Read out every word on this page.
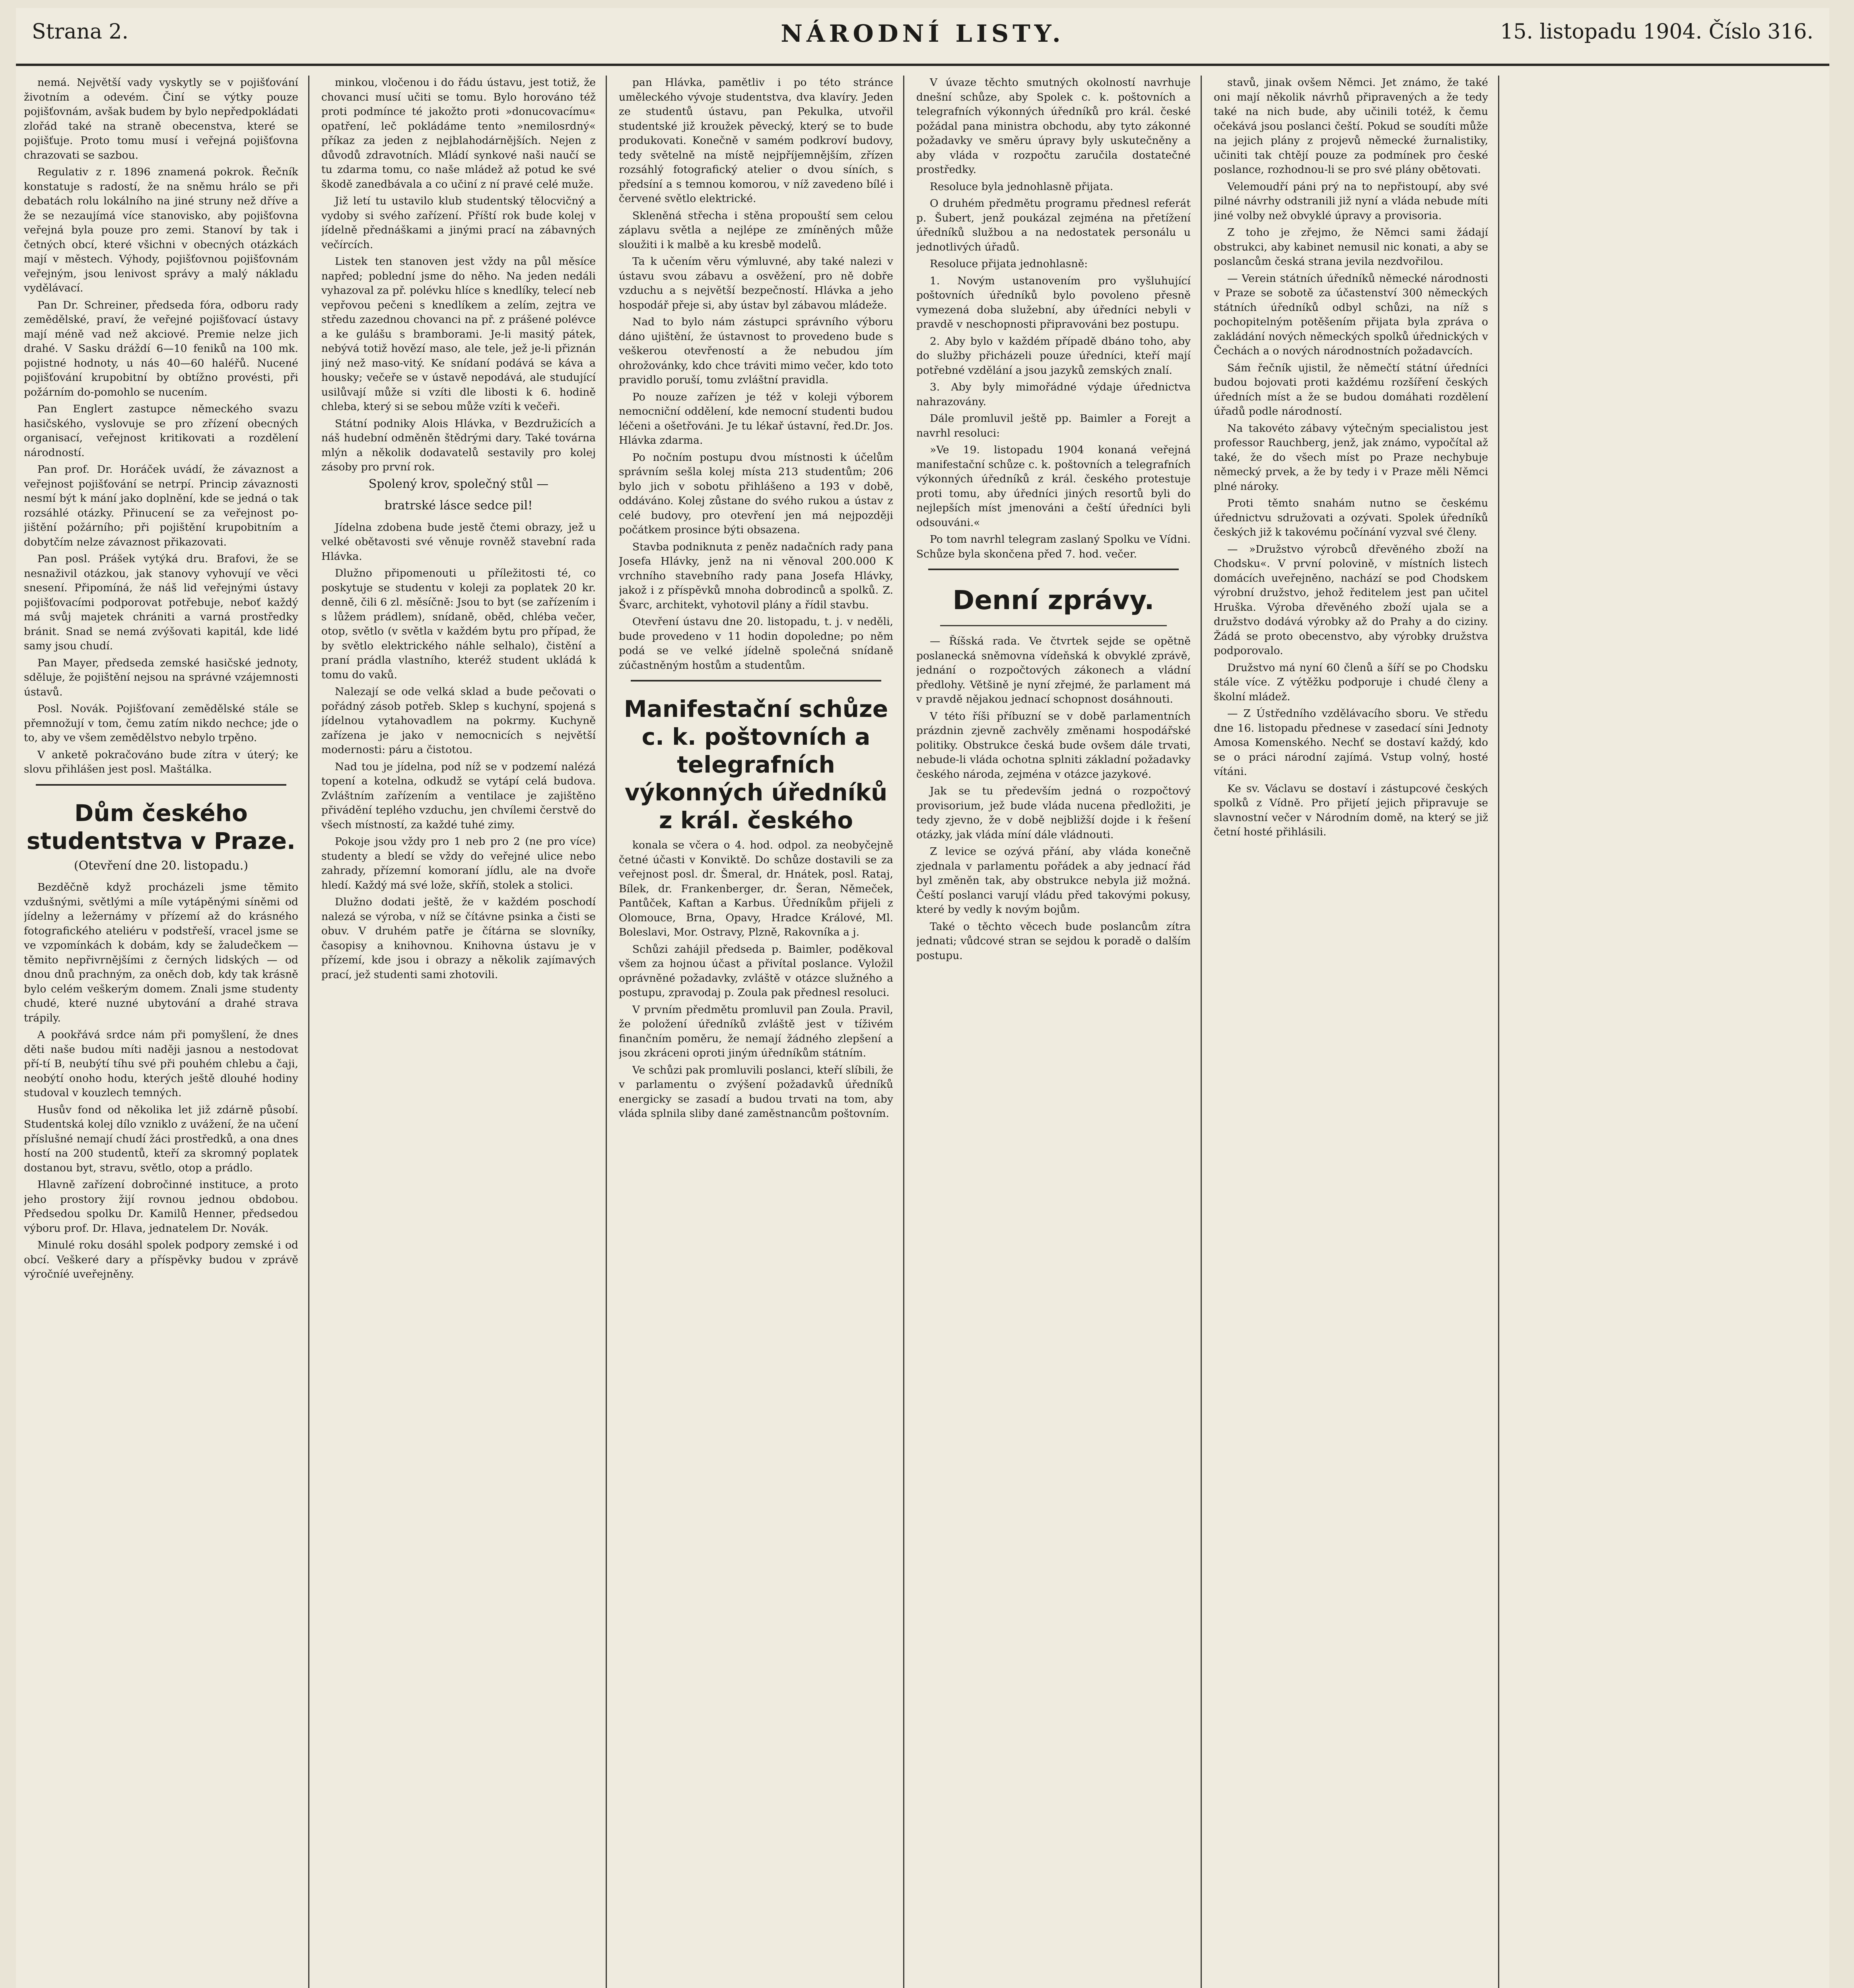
Strana 2.	NÁRODNÍ LISTY.	15. listopadu 1904. Číslo 316.

nemá. Největší vady vyskytly se v pojišťování životním a odevém. Činí se výtky pouze pojišťovnám, avšak budem by bylo nepředpokládati zlořád také na straně obecenstva, které se pojišťuje. Proto tomu musí i veřejná pojišťovna chrazovati se sazbou.

Regulativ z r. 1896 znamená pokrok. Řečník konstatuje s radostí, že na sněmu hrálo se při debatách rolu lokálního na jiné struny než dříve a že se nezaujímá více stanovisko, aby pojišťovna veřejná byla pouze pro zemi. Stanoví by tak i četných obcí, které všichni v obecných otázkách mají v městech. Výhody, pojišťovnou pojišťovnám veřejným, jsou lenivost správy a malý nákladu vydělávací.

Pan Dr. Schreiner, předseda fóra, odboru rady zemědělské, praví, že veřejné pojišťovací ústavy mají méně vad než akciové. Premie nelze jich drahé. V Sasku dráždí 6—10 feniků na 100 mk. pojistné hodnoty, u nás 40—60 haléřů. Nucené pojišťování krupobitní by obtížno provésti, při požárním do-pomohlo se nucením.

Pan Englert zastupce německého svazu hasičského, vyslovuje se pro zřízení obecných organisací, veřejnost kritikovati a rozdělení národností.

Pan prof. Dr. Horáček uvádí, že závaznost a veřejnost pojišťování se netrpí. Princip závaznosti nesmí být k mání jako doplnění, kde se jedná o tak rozsáhlé otázky. Přinucení se za veřejnost po-jištění požárního; při pojištění krupobitním a dobytčím nelze závaznost přikazovati.

Pan posl. Prášek vytýká dru. Brafovi, že se nesnaživil otázkou, jak stanovy vyhovují ve věci snesení. Připomíná, že náš lid veřejnými ústavy pojišťovacími podporovat potřebuje, neboť každý má svůj majetek chrániti a varná prostředky bránit. Snad se nemá zvýšovati kapitál, kde lidé samy jsou chudí.

Pan Mayer, předseda zemské hasičské jednoty, sděluje, že pojištění nejsou na správné vzájemnosti ústavů.

Posl. Novák. Pojišťovaní zemědělské stále se přemnožují v tom, čemu zatím nikdo nechce; jde o to, aby ve všem zemědělstvo nebylo trpěno.

V anketě pokračováno bude zítra v úterý; ke slovu přihlášen jest posl. Maštálka.

Dům českého studentstva v Praze.
(Otevření dne 20. listopadu.)

Bezděčně když procházeli jsme těmito vzdušnými, světlými a míle vytápěnými síněmi od jídelny a ležernámy v přízemí až do krásného fotografického ateliéru v podstřeší, vracel jsme se ve vzpomínkách k dobám, kdy se žaludečkem — těmito nepřivrnějšími z černých lidských — od dnou dnů prachným, za oněch dob, kdy tak krásně bylo celém veškerým domem. Znali jsme studenty chudé, které nuzné ubytování a drahé strava trápily.

A pookřává srdce nám při pomyšlení, že dnes děti naše budou míti naději jasnou a nestodovat pří-tí B, neubýtí tíhu své při pouhém chlebu a čaji, neobýtí onoho hodu, kterých ještě dlouhé hodiny studoval v kouzlech temných.

Husův fond od několika let již zdárně působí. Studentská kolej dílo vzniklo z uvážení, že na učení příslušné nemají chudí žáci prostředků, a ona dnes hostí na 200 studentů, kteří za skromný poplatek dostanou byt, stravu, světlo, otop a prádlo.

Hlavně zařízení dobročinné instituce, a proto jeho prostory žijí rovnou jednou obdobou. Předsedou spolku Dr. Kamilů Henner, předsedou výboru prof. Dr. Hlava, jednatelem Dr. Novák.

Minulé roku dosáhl spolek podpory zemské i od obcí. Veškeré dary a příspěvky budou v zprávě výročníé uveřejněny.

minkou, vločenou i do řádu ústavu, jest totiž, že chovanci musí učiti se tomu. Bylo horováno též proti podmínce té jakožto proti »donucovacímu« opatření, leč pokládáme tento »nemilosrdný« příkaz za jeden z nejblahodárnějších. Nejen z důvodů zdravotních. Mládí synkové naši naučí se tu zdarma tomu, co naše mládež až potud ke své škodě zanedbávala a co učiní z ní pravé celé muže.

Již letí tu ustavilo klub studentský tělocvičný a vydoby si svého zařízení. Příští rok bude kolej v jídelně přednáškami a jinými prací na zábavných večírcích.

Listek ten stanoven jest vždy na půl měsíce napřed; poblední jsme do něho. Na jeden nedáli vyhazoval za př. polévku hlíce s knedlíky, telecí neb vepřovou pečeni s knedlíkem a zelím, zejtra ve středu zazednou chovanci na př. z prášené polévce a ke gulášu s bramborami. Je-li masitý pátek, nebývá totiž hovězí maso, ale tele, jež je-li přiznán jiný než maso-vitý. Ke snídaní podává se káva a housky; večeře se v ústavě nepodává, ale studující usilůvají může si vzíti dle libosti k 6. hodině chleba, který si se sebou může vzíti k večeři.

Státní podniky Alois Hlávka, v Bezdružicích a náš hudební odměněn štědrými dary. Také továrna mlýn a několik dodavatelů sestavily pro kolej zásoby pro první rok.

Spolený krov, společný stůl —
bratrské lásce sedce pil!

Jídelna zdobena bude jestě čtemi obrazy, jež u velké obětavosti své věnuje rovněž stavební rada Hlávka.

Dlužno připomenouti u příležitosti té, co poskytuje se studentu v koleji za poplatek 20 kr. denně, čili 6 zl. měsíčně: Jsou to byt (se zařízením i s lůžem prádlem), snídaně, oběd, chléba večer, otop, světlo (v světla v každém bytu pro případ, že by světlo elektrického náhle selhalo), čistění a praní prádla vlastního, kteréž student ukládá k tomu do vaků.

Nalezají se ode velká sklad a bude pečovati o pořádný zásob potřeb. Sklep s kuchyní, spojená s jídelnou vytahovadlem na pokrmy. Kuchyně zařízena je jako v nemocnicích s největší modernosti: páru a čistotou.

Nad tou je jídelna, pod níž se v podzemí nalézá topení a kotelna, odkudž se vytápí celá budova. Zvláštním zařízením a ventilace je zajištěno přivádění teplého vzduchu, jen chvílemi čerstvě do všech místností, za každé tuhé zimy.

Pokoje jsou vždy pro 1 neb pro 2 (ne pro více) studenty a bledí se vždy do veřejné ulice nebo zahrady, přízemní komoraní jídlu, ale na dvoře hledí. Každý má své lože, skříň, stolek a stolici.

Dlužno dodati ještě, že v každém poschodí nalezá se výroba, v níž se čítávne psinka a čisti se obuv. V druhém patře je čítárna se slovníky, časopisy a knihovnou. Knihovna ústavu je v přízemí, kde jsou i obrazy a několik zajímavých prací, jež studenti sami zhotovili.

pan Hlávka, pamětliv i po této stránce uměleckého vývoje studentstva, dva klavíry. Jeden ze studentů ústavu, pan Pekulka, utvořil studentské již kroužek pěvecký, který se to bude produkovati. Konečně v samém podkroví budovy, tedy světelně na místě nejpříjemnějším, zřízen rozsáhlý fotografický atelier o dvou síních, s předsíní a s temnou komorou, v níž zavedeno bílé i červené světlo elektrické.

Skleněná střecha i stěna propouští sem celou záplavu světla a nejlépe ze zmíněných může sloužiti i k malbě a ku kresbě modelů.

Ta k učením věru výmluvné, aby také nalezi v ústavu svou zábavu a osvěžení, pro ně dobře vzduchu a s největší bezpečností. Hlávka a jeho hospodář přeje si, aby ústav byl zábavou mládeže.

Nad to bylo nám zástupci správního výboru dáno ujištění, že ústavnost to provedeno bude s veškerou otevřeností a že nebudou jím ohrožovánky, kdo chce tráviti mimo večer, kdo toto pravidlo poruší, tomu zvláštní pravidla.

Po nouze zařízen je též v koleji výborem nemocniční oddělení, kde nemocní studenti budou léčeni a ošetřováni. Je tu lékař ústavní, řed.Dr. Jos. Hlávka zdarma.

Po nočním postupu dvou místnosti k účelům správním sešla kolej místa 213 studentům; 206 bylo jich v sobotu přihlášeno a 193 v době, oddáváno. Kolej zůstane do svého rukou a ústav z celé budovy, pro otevření jen má nejpozději počátkem prosince býti obsazena.

Stavba podniknuta z peněz nadačních rady pana Josefa Hlávky, jenž na ni věnoval 200.000 K vrchního stavebního rady pana Josefa Hlávky, jakož i z příspěvků mnoha dobrodinců a spolků. Z. Švarc, architekt, vyhotovil plány a řídil stavbu.

Otevření ústavu dne 20. listopadu, t. j. v neděli, bude provedeno v 11 hodin dopoledne; po něm podá se ve velké jídelně společná snídaně zúčastněným hostům a studentům.

Manifestační schůze c. k. poštovních a telegrafních výkonných úředníků z král. českého

konala se včera o 4. hod. odpol. za neobyčejně četné účasti v Konviktě. Do schůze dostavili se za veřejnost posl. dr. Šmeral, dr. Hnátek, posl. Rataj, Bílek, dr. Frankenberger, dr. Šeran, Němeček, Pantůček, Kaftan a Karbus. Úředníkům přijeli z Olomouce, Brna, Opavy, Hradce Králové, Ml. Boleslavi, Mor. Ostravy, Plzně, Rakovníka a j.

Schůzi zahájil předseda p. Baimler, poděkoval všem za hojnou účast a přivítal poslance. Vyložil oprávněné požadavky, zvláště v otázce služného a postupu, zpravodaj p. Zoula pak přednesl resoluci.

V prvním předmětu promluvil pan Zoula. Pravil, že položení úředníků zvláště jest v tíživém finančním poměru, že nemají žádného zlepšení a jsou zkráceni oproti jiným úředníkům státním.

Ve schůzi pak promluvili poslanci, kteří slíbili, že v parlamentu o zvýšení požadavků úředníků energicky se zasadí a budou trvati na tom, aby vláda splnila sliby dané zaměstnancům poštovním.

V úvaze těchto smutných okolností navrhuje dnešní schůze, aby Spolek c. k. poštovních a telegrafních výkonných úředníků pro král. české požádal pana ministra obchodu, aby tyto zákonné požadavky ve směru úpravy byly uskutečněny a aby vláda v rozpočtu zaručila dostatečné prostředky.

Resoluce byla jednohlasně přijata.

O druhém předmětu programu přednesl referát p. Šubert, jenž poukázal zejména na přetížení úředníků službou a na nedostatek personálu u jednotlivých úřadů.

Resoluce přijata jednohlasně:

1. Novým ustanovením pro vyšluhující poštovních úředníků bylo povoleno přesně vymezená doba služební, aby úředníci nebyli v pravdě v neschopnosti připravováni bez postupu.

2. Aby bylo v každém případě dbáno toho, aby do služby přicházeli pouze úředníci, kteří mají potřebné vzdělání a jsou jazyků zemských znalí.

3. Aby byly mimořádné výdaje úřednictva nahrazovány.

Dále promluvil ještě pp. Baimler a Forejt a navrhl resoluci:

»Ve 19. listopadu 1904 konaná veřejná manifestační schůze c. k. poštovních a telegrafních výkonných úředníků z král. českého protestuje proti tomu, aby úředníci jiných resortů byli do nejlepších míst jmenováni a čeští úředníci byli odsouváni.«

Po tom navrhl telegram zaslaný Spolku ve Vídni. Schůze byla skončena před 7. hod. večer.

Denní zprávy.

— Říšská rada. Ve čtvrtek sejde se opětně poslanecká sněmovna vídeňská k obvyklé zprávě, jednání o rozpočtových zákonech a vládní předlohy. Většině je nyní zřejmé, že parlament má v pravdě nějakou jednací schopnost dosáhnouti.

V této říši příbuzní se v době parlamentních prázdnin zjevně zachvěly změnami hospodářské politiky. Obstrukce česká bude ovšem dále trvati, nebude-li vláda ochotna splniti základní požadavky českého národa, zejména v otázce jazykové.

Jak se tu především jedná o rozpočtový provisorium, jež bude vláda nucena předložiti, je tedy zjevno, že v době nejbližší dojde i k řešení otázky, jak vláda míní dále vládnouti.

Z levice se ozývá přání, aby vláda konečně zjednala v parlamentu pořádek a aby jednací řád byl změněn tak, aby obstrukce nebyla již možná. Čeští poslanci varují vládu před takovými pokusy, které by vedly k novým bojům.

Také o těchto věcech bude poslancům zítra jednati; vůdcové stran se sejdou k poradě o dalším postupu.

stavů, jinak ovšem Němci. Jet známo, že také oni mají několik návrhů připravených a že tedy také na nich bude, aby učinili totéž, k čemu očekává jsou poslanci čeští. Pokud se soudíti může na jejich plány z projevů německé žurnalistiky, učiniti tak chtějí pouze za podmínek pro české poslance, rozhodnou-li se pro své plány obětovati.

Velemoudří páni prý na to nepřistoupí, aby své pilné návrhy odstranili již nyní a vláda nebude míti jiné volby než obvyklé úpravy a provisoria.

Z toho je zřejmo, že Němci sami žádají obstrukci, aby kabinet nemusil nic konati, a aby se poslancům česká strana jevila nezdvořilou.

— Verein státních úředníků německé národnosti v Praze se sobotě za účastenství 300 německých státních úředníků odbyl schůzi, na níž s pochopitelným potěšením přijata byla zpráva o zakládání nových německých spolků úřednických v Čechách a o nových národnostních požadavcích.

Sám řečník ujistil, že němečtí státní úředníci budou bojovati proti každému rozšíření českých úředních míst a že se budou domáhati rozdělení úřadů podle národností.

Na takovéto zábavy výtečným specialistou jest professor Rauchberg, jenž, jak známo, vypočítal až také, že do všech míst po Praze nechybuje německý prvek, a že by tedy i v Praze měli Němci plné nároky.

Proti těmto snahám nutno se českému úřednictvu sdružovati a ozývati. Spolek úředníků českých již k takovému počínání vyzval své členy.

— »Družstvo výrobců dřevěného zboží na Chodsku«. V první polovině, v místních listech domácích uveřejněno, nachází se pod Chodskem výrobní družstvo, jehož ředitelem jest pan učitel Hruška. Výroba dřevěného zboží ujala se a družstvo dodává výrobky až do Prahy a do ciziny. Žádá se proto obecenstvo, aby výrobky družstva podporovalo.

Družstvo má nyní 60 členů a šíří se po Chodsku stále více. Z výtěžku podporuje i chudé členy a školní mládež.

— Z Ústředního vzdělávacího sboru. Ve středu dne 16. listopadu přednese v zasedací síni Jednoty Amosa Komenského. Nechť se dostaví každý, kdo se o práci národní zajímá. Vstup volný, hosté vítáni.

Ke sv. Václavu se dostaví i zástupcové českých spolků z Vídně. Pro přijetí jejich připravuje se slavnostní večer v Národním domě, na který se již četní hosté přihlásili.
